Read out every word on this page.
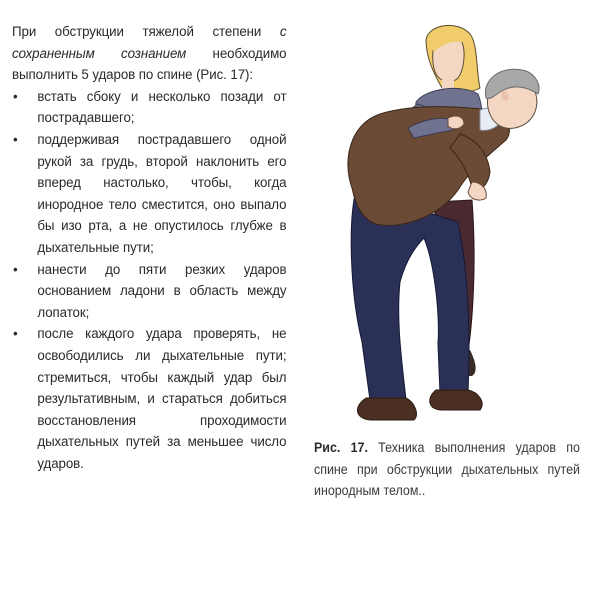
При обструкции тяжелой степени с сохраненным сознанием необходимо выполнить 5 ударов по спине (Рис. 17):

• встать сбоку и несколько позади от пострадавшего;
• поддерживая пострадавшего одной рукой за грудь, второй наклонить его вперед настолько, чтобы, когда инородное тело сместится, оно выпало бы изо рта, а не опустилось глубже в дыхательные пути;
• нанести до пяти резких ударов основанием ладони в область между лопаток;
• после каждого удара проверять, не освободились ли дыхательные пути; стремиться, чтобы каждый удар был результативным, и стараться добиться восстановления проходимости дыхательных путей за меньшее число ударов.
Рис. 17. Техника выполнения ударов по спине при обструкции дыхательных путей инородным телом..
